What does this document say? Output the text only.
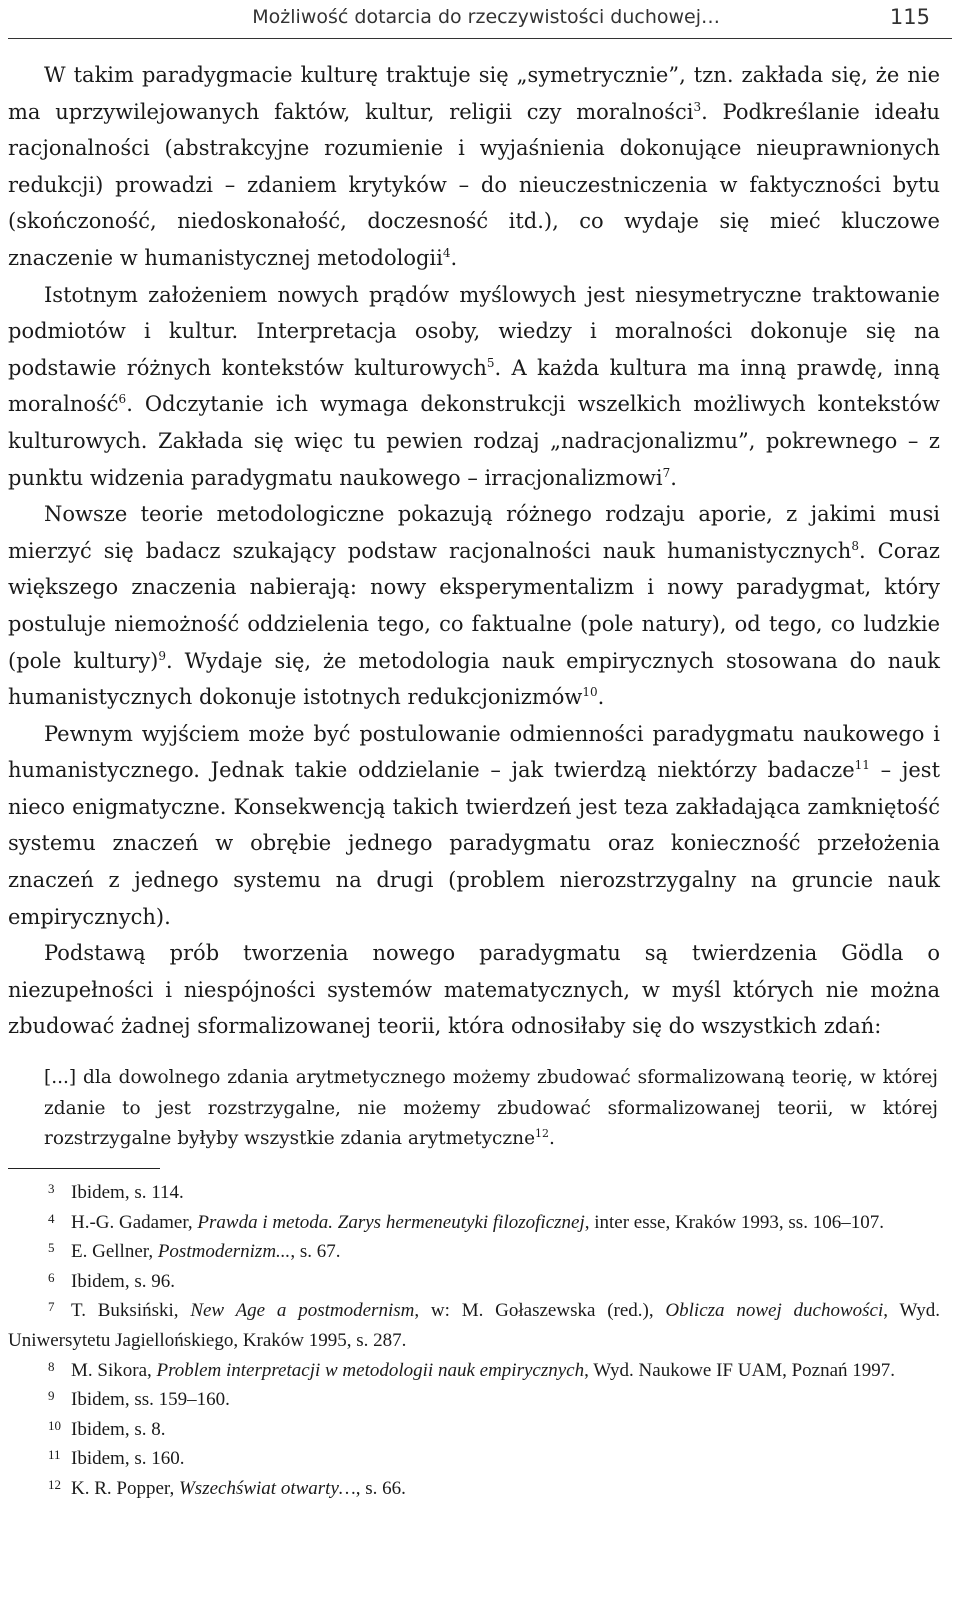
Możliwość dotarcia do rzeczywistości duchowej…	115

W takim paradygmacie kulturę traktuje się „symetrycznie”, tzn. zakłada się, że nie ma uprzywilejowanych faktów, kultur, religii czy moralności$^3$. Podkreślanie ideału racjonalności (abstrakcyjne rozumienie i wyjaśnienia dokonujące nieuprawnionych redukcji) prowadzi – zdaniem krytyków – do nieuczestniczenia w faktyczności bytu (skończoność, niedoskonałość, doczesność itd.), co wydaje się mieć kluczowe znaczenie w humanistycznej metodologii$^4$.

Istotnym założeniem nowych prądów myślowych jest niesymetryczne traktowanie podmiotów i kultur. Interpretacja osoby, wiedzy i moralności dokonuje się na podstawie różnych kontekstów kulturowych$^5$. A każda kultura ma inną prawdę, inną moralność$^6$. Odczytanie ich wymaga dekonstrukcji wszelkich możliwych kontekstów kulturowych. Zakłada się więc tu pewien rodzaj „nadracjonalizmu”, pokrewnego – z punktu widzenia paradygmatu naukowego – irracjonalizmowi$^7$.

Nowsze teorie metodologiczne pokazują różnego rodzaju aporie, z jakimi musi mierzyć się badacz szukający podstaw racjonalności nauk humanistycznych$^8$. Coraz większego znaczenia nabierają: nowy eksperymentalizm i nowy paradygmat, który postuluje niemożność oddzielenia tego, co faktualne (pole natury), od tego, co ludzkie (pole kultury)$^9$. Wydaje się, że metodologia nauk empirycznych stosowana do nauk humanistycznych dokonuje istotnych redukcjonizmów$^{10}$.

Pewnym wyjściem może być postulowanie odmienności paradygmatu naukowego i humanistycznego. Jednak takie oddzielanie – jak twierdzą niektórzy badacze$^{11}$ – jest nieco enigmatyczne. Konsekwencją takich twierdzeń jest teza zakładająca zamkniętość systemu znaczeń w obrębie jednego paradygmatu oraz konieczność przełożenia znaczeń z jednego systemu na drugi (problem nierozstrzygalny na gruncie nauk empirycznych).

Podstawą prób tworzenia nowego paradygmatu są twierdzenia Gödla o niezupełności i niespójności systemów matematycznych, w myśl których nie można zbudować żadnej sformalizowanej teorii, która odnosiłaby się do wszystkich zdań:

[...] dla dowolnego zdania arytmetycznego możemy zbudować sformalizowaną teorię, w której zdanie to jest rozstrzygalne, nie możemy zbudować sformalizowanej teorii, w której rozstrzygalne byłyby wszystkie zdania arytmetyczne$^{12}$.

3 Ibidem, s. 114.
4 H.-G. Gadamer, Prawda i metoda. Zarys hermeneutyki filozoficznej, inter esse, Kraków 1993, ss. 106–107.
5 E. Gellner, Postmodernizm..., s. 67.
6 Ibidem, s. 96.
7 T. Buksiński, New Age a postmodernism, w: M. Gołaszewska (red.), Oblicza nowej duchowości, Wyd. Uniwersytetu Jagiellońskiego, Kraków 1995, s. 287.
8 M. Sikora, Problem interpretacji w metodologii nauk empirycznych, Wyd. Naukowe IF UAM, Poznań 1997.
9 Ibidem, ss. 159–160.
10 Ibidem, s. 8.
11 Ibidem, s. 160.
12 K. R. Popper, Wszechświat otwarty…, s. 66.
